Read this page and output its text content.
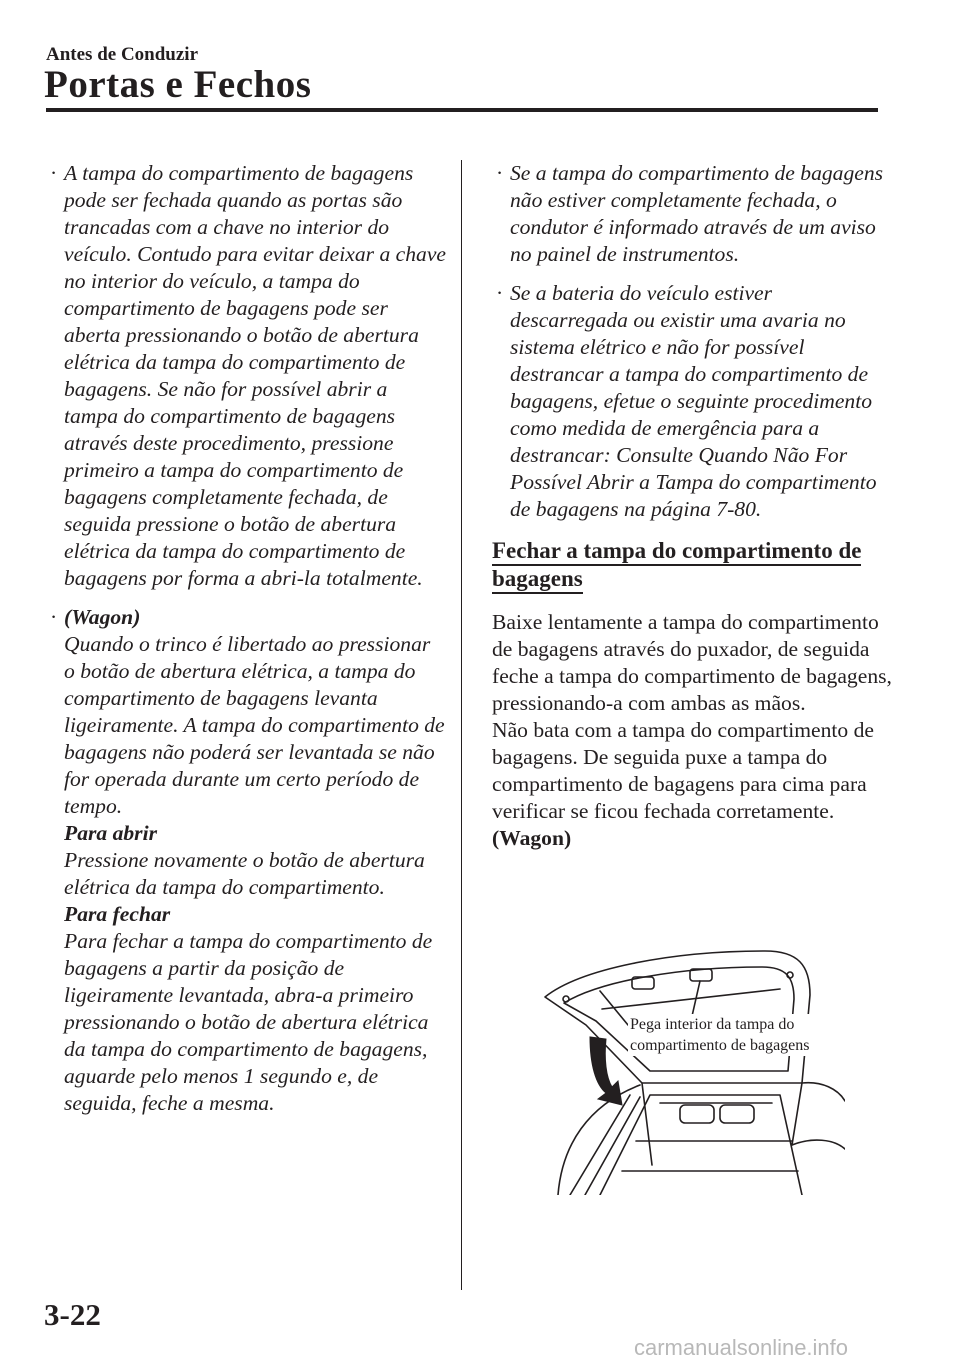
Antes de Conduzir
Portas e Fechos
· A tampa do compartimento de bagagens pode ser fechada quando as portas são trancadas com a chave no interior do veículo. Contudo para evitar deixar a chave no interior do veículo, a tampa do compartimento de bagagens pode ser aberta pressionando o botão de abertura elétrica da tampa do compartimento de bagagens. Se não for possível abrir a tampa do compartimento de bagagens através deste procedimento, pressione primeiro a tampa do compartimento de bagagens completamente fechada, de seguida pressione o botão de abertura elétrica da tampa do compartimento de bagagens por forma a abri-la totalmente.

· (Wagon)

Quando o trinco é libertado ao pressionar o botão de abertura elétrica, a tampa do compartimento de bagagens levanta ligeiramente. A tampa do compartimento de bagagens não poderá ser levantada se não for operada durante um certo período de tempo.

Para abrir

Pressione novamente o botão de abertura elétrica da tampa do compartimento.

Para fechar

Para fechar a tampa do compartimento de bagagens a partir da posição de ligeiramente levantada, abra-a primeiro pressionando o botão de abertura elétrica da tampa do compartimento de bagagens, aguarde pelo menos 1 segundo e, de seguida, feche a mesma.

· Se a tampa do compartimento de bagagens não estiver completamente fechada, o condutor é informado através de um aviso no painel de instrumentos.

· Se a bateria do veículo estiver descarregada ou existir uma avaria no sistema elétrico e não for possível destrancar a tampa do compartimento de bagagens, efetue o seguinte procedimento como medida de emergência para a destrancar: Consulte Quando Não For Possível Abrir a Tampa do compartimento de bagagens na página 7-80.

Fechar a tampa do compartimento de bagagens

Baixe lentamente a tampa do compartimento de bagagens através do puxador, de seguida feche a tampa do compartimento de bagagens, pressionando-a com ambas as mãos.

Não bata com a tampa do compartimento de bagagens. De seguida puxe a tampa do compartimento de bagagens para cima para verificar se ficou fechada corretamente.

(Wagon)

Pega interior da tampa do
compartimento de bagagens
3-22
carmanualsonline.info
